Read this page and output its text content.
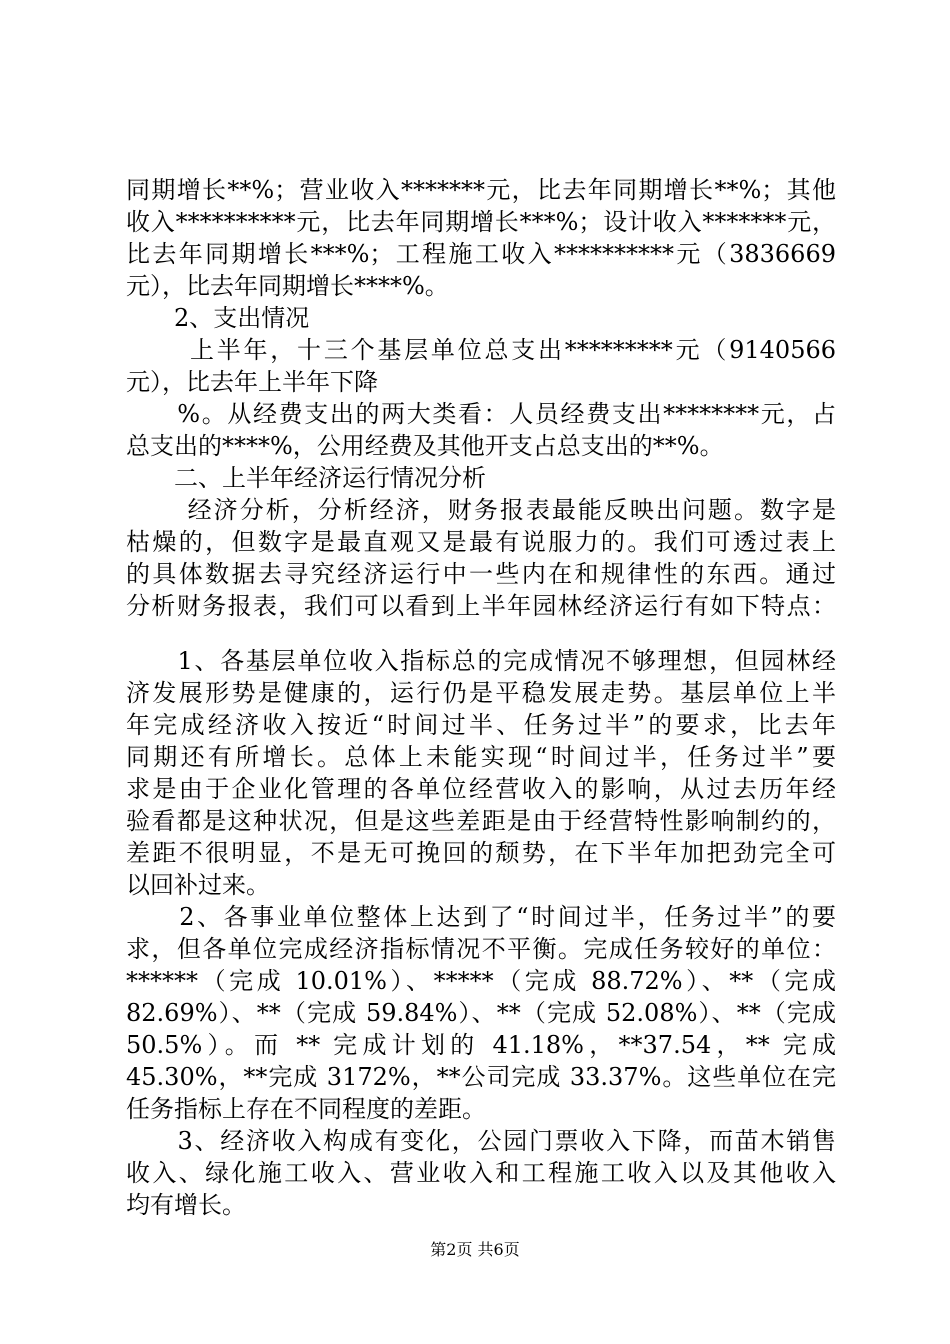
同期增长**%；营业收入*******元，比去年同期增长**%；其他
收入**********元，比去年同期增长***%；设计收入*******元，
比去年同期增长***%；工程施工收入**********元（3836669
元），比去年同期增长****%。
　　2、支出情况
　　 上半年，十三个基层单位总支出*********元（9140566
元），比去年上半年下降
　　%。从经费支出的两大类看：人员经费支出********元，占
总支出的****%，公用经费及其他开支占总支出的**%。
　　二、上半年经济运行情况分析
　　 经济分析，分析经济，财务报表最能反映出问题。数字是
枯燥的，但数字是最直观又是最有说服力的。我们可透过表上
的具体数据去寻究经济运行中一些内在和规律性的东西。通过
分析财务报表，我们可以看到上半年园林经济运行有如下特点：
　　1、各基层单位收入指标总的完成情况不够理想，但园林经
济发展形势是健康的，运行仍是平稳发展走势。基层单位上半
年完成经济收入按近“时间过半、任务过半”的要求，比去年
同期还有所增长。总体上未能实现“时间过半，任务过半”要
求是由于企业化管理的各单位经营收入的影响，从过去历年经
验看都是这种状况，但是这些差距是由于经营特性影响制约的，
差距不很明显，不是无可挽回的颓势，在下半年加把劲完全可
以回补过来。
　　2、各事业单位整体上达到了“时间过半，任务过半”的要
求，但各单位完成经济指标情况不平衡。完成任务较好的单位：
******（完成 10.01%）、*****（完成 88.72%）、**（完成
82.69%）、**（完成 59.84%）、**（完成 52.08%）、**（完成
50.5%）。而 ** 完成计划的 41.18%，**37.54，** 完成
45.30%，**完成 3172%，**公司完成 33.37%。这些单位在完
任务指标上存在不同程度的差距。
　　3、经济收入构成有变化，公园门票收入下降，而苗木销售
收入、绿化施工收入、营业收入和工程施工收入以及其他收入
均有增长。
第2页 共6页
